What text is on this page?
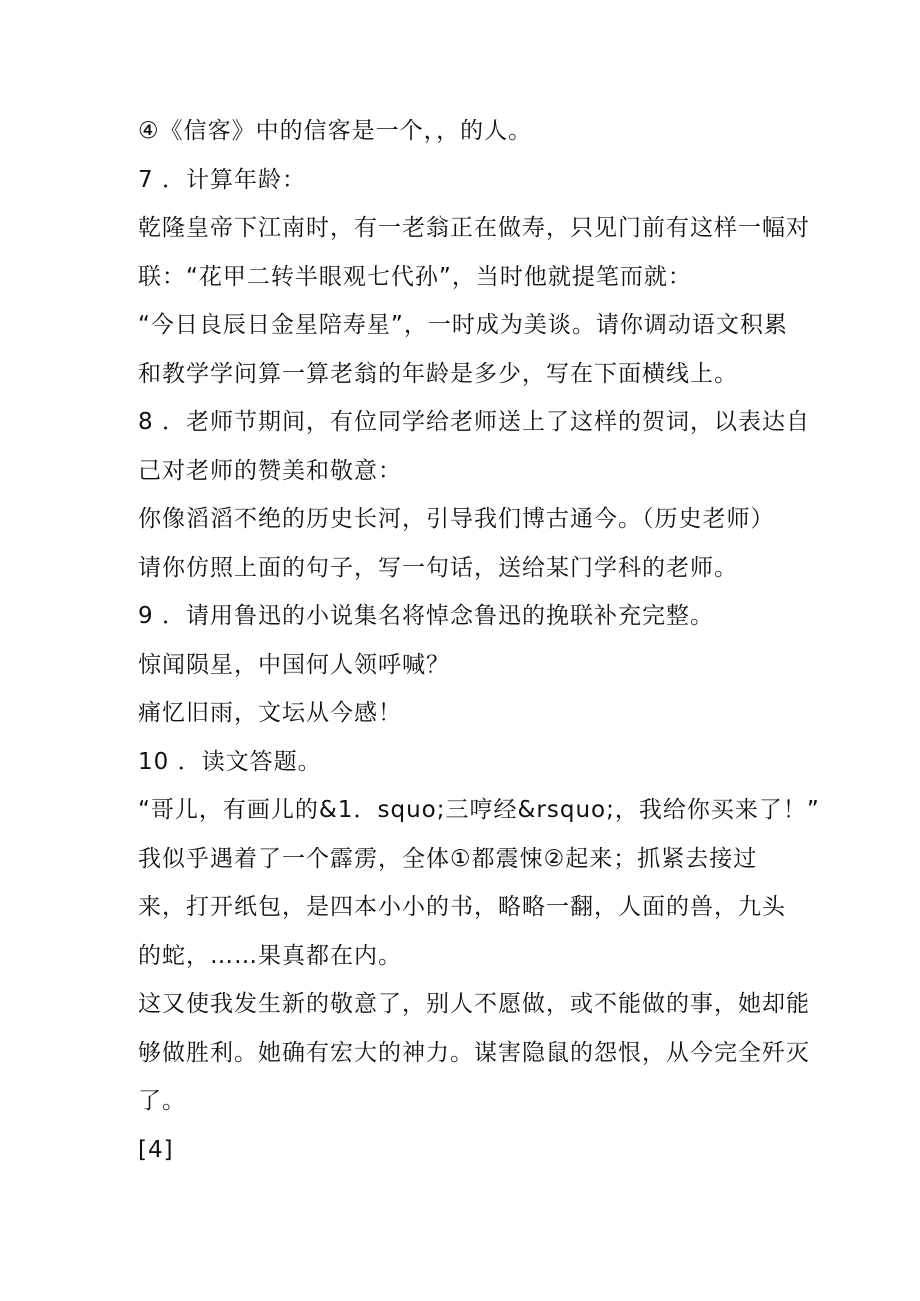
④《信客》中的信客是一个，，的人。
7 ．计算年龄：
乾隆皇帝下江南时，有一老翁正在做寿，只见门前有这样一幅对
联：“花甲二转半眼观七代孙”，当时他就提笔而就：
“今日良辰日金星陪寿星”，一时成为美谈。请你调动语文积累
和教学学问算一算老翁的年龄是多少，写在下面横线上。
8 ．老师节期间，有位同学给老师送上了这样的贺词，以表达自
己对老师的赞美和敬意：
你像滔滔不绝的历史长河，引导我们博古通今。（历史老师）
请你仿照上面的句子，写一句话，送给某门学科的老师。
9 ．请用鲁迅的小说集名将悼念鲁迅的挽联补充完整。
惊闻陨星，中国何人领呼喊？
痛忆旧雨，文坛从今感！
10 ．读文答题。
“哥儿，有画儿的&1．squo;三哼经&rsquo;，我给你买来了！”
我似乎遇着了一个霹雳，全体①都震悚②起来；抓紧去接过
来，打开纸包，是四本小小的书，略略一翻，人面的兽，九头
的蛇，……果真都在内。
这又使我发生新的敬意了，别人不愿做，或不能做的事，她却能
够做胜利。她确有宏大的神力。谋害隐鼠的怨恨，从今完全歼灭
了。
[4]
